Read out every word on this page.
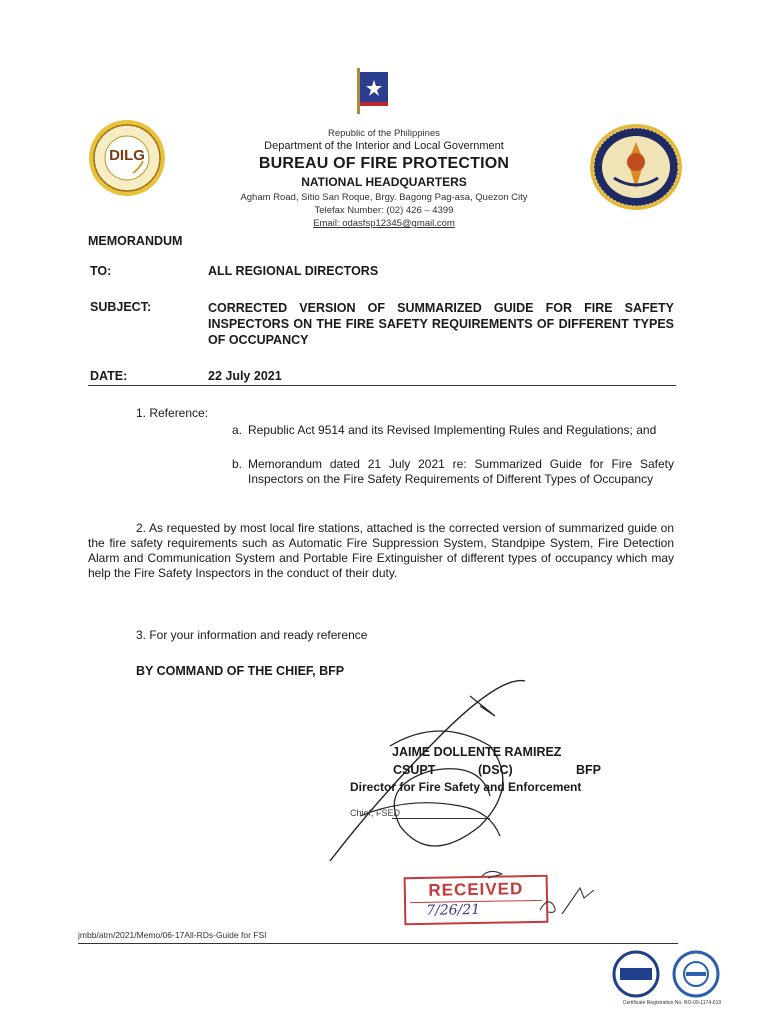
DILG
Republic of the Philippines
Department of the Interior and Local Government
BUREAU OF FIRE PROTECTION
NATIONAL HEADQUARTERS
Agham Road, Sitio San Roque, Brgy. Bagong Pag-asa, Quezon City
Telefax Number: (02) 426 – 4399
Email: odasfsp12345@gmail.com
MEMORANDUM
TO:	ALL REGIONAL DIRECTORS
SUBJECT:	CORRECTED VERSION OF SUMMARIZED GUIDE FOR FIRE SAFETY INSPECTORS ON THE FIRE SAFETY REQUIREMENTS OF DIFFERENT TYPES OF OCCUPANCY
DATE:	22 July 2021
1. Reference:
a. Republic Act 9514 and its Revised Implementing Rules and Regulations; and
b. Memorandum dated 21 July 2021 re: Summarized Guide for Fire Safety Inspectors on the Fire Safety Requirements of Different Types of Occupancy
2. As requested by most local fire stations, attached is the corrected version of summarized guide on the fire safety requirements such as Automatic Fire Suppression System, Standpipe System, Fire Detection Alarm and Communication System and Portable Fire Extinguisher of different types of occupancy which may help the Fire Safety Inspectors in the conduct of their duty.
3. For your information and ready reference
BY COMMAND OF THE CHIEF, BFP
JAIME DOLLENTE RAMIREZ
CSUPT	(DSC)	BFP
Director for Fire Safety and Enforcement
Chief, FSED
RECEIVED
7/26/21
jmbb/atm/2021/Memo/06-17All-RDs-Guide for FSI
Certificate Registration No. RO-00-1174-019
